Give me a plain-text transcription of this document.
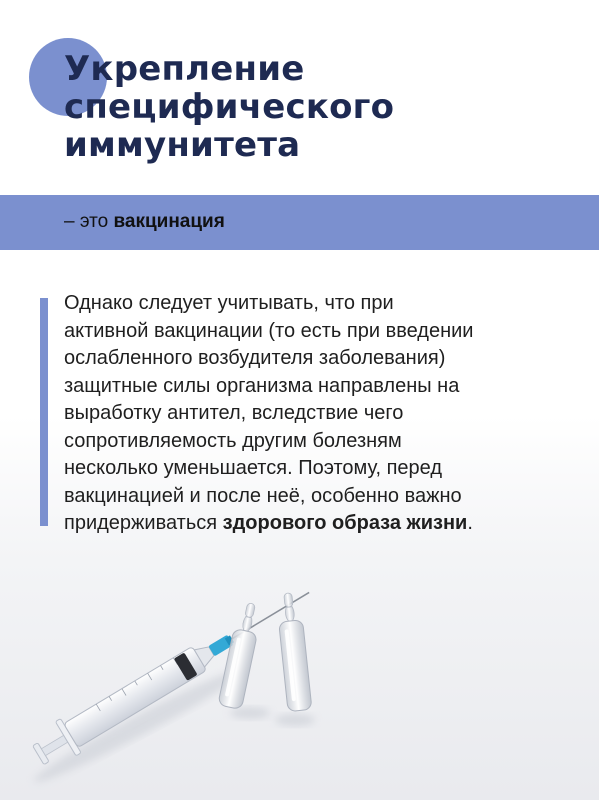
Укрепление
специфического
иммунитета
– это вакцинация

Однако следует учитывать, что при
активной вакцинации (то есть при введении
ослабленного возбудителя заболевания)
защитные силы организма направлены на
выработку антител, вследствие чего
сопротивляемость другим болезням
несколько уменьшается. Поэтому, перед
вакцинацией и после неё, особенно важно
придерживаться здорового образа жизни.
